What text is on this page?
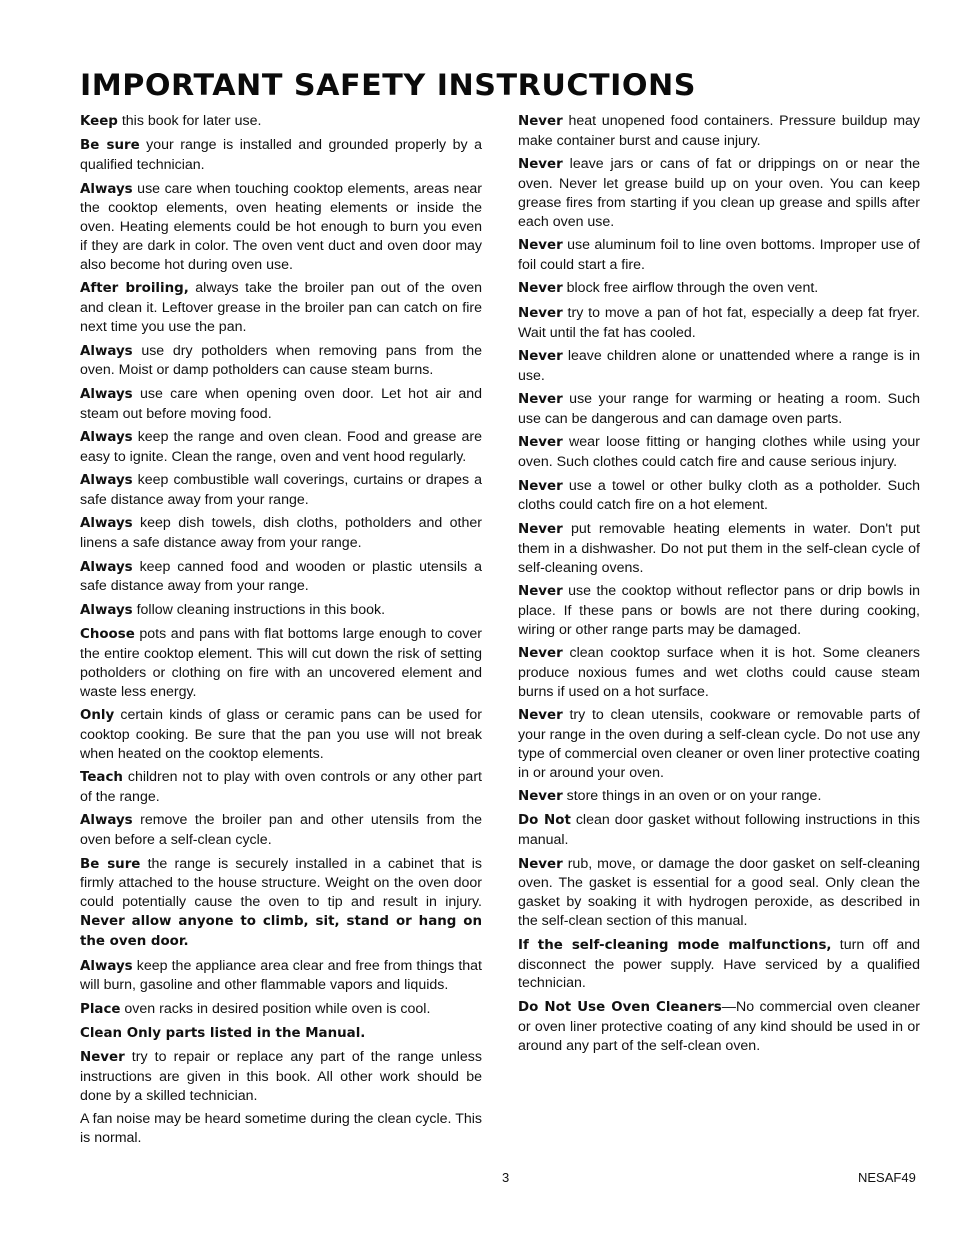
IMPORTANT SAFETY INSTRUCTIONS

Keep this book for later use.

Be sure your range is installed and grounded properly by a qualified technician.

Always use care when touching cooktop elements, areas near the cooktop elements, oven heating elements or inside the oven. Heating elements could be hot enough to burn you even if they are dark in color. The oven vent duct and oven door may also become hot during oven use.

After broiling, always take the broiler pan out of the oven and clean it. Leftover grease in the broiler pan can catch on fire next time you use the pan.

Always use dry potholders when removing pans from the oven. Moist or damp potholders can cause steam burns.

Always use care when opening oven door. Let hot air and steam out before moving food.

Always keep the range and oven clean. Food and grease are easy to ignite. Clean the range, oven and vent hood regularly.

Always keep combustible wall coverings, curtains or drapes a safe distance away from your range.

Always keep dish towels, dish cloths, potholders and other linens a safe distance away from your range.

Always keep canned food and wooden or plastic utensils a safe distance away from your range.

Always follow cleaning instructions in this book.

Choose pots and pans with flat bottoms large enough to cover the entire cooktop element. This will cut down the risk of setting potholders or clothing on fire with an uncovered element and waste less energy.

Only certain kinds of glass or ceramic pans can be used for cooktop cooking. Be sure that the pan you use will not break when heated on the cooktop elements.

Teach children not to play with oven controls or any other part of the range.

Always remove the broiler pan and other utensils from the oven before a self-clean cycle.

Be sure the range is securely installed in a cabinet that is firmly attached to the house structure. Weight on the oven door could potentially cause the oven to tip and result in injury. Never allow anyone to climb, sit, stand or hang on the oven door.

Always keep the appliance area clear and free from things that will burn, gasoline and other flammable vapors and liquids.

Place oven racks in desired position while oven is cool.

Clean Only parts listed in the Manual.

Never try to repair or replace any part of the range unless instructions are given in this book. All other work should be done by a skilled technician.

A fan noise may be heard sometime during the clean cycle. This is normal.

Never heat unopened food containers. Pressure buildup may make container burst and cause injury.

Never leave jars or cans of fat or drippings on or near the oven. Never let grease build up on your oven. You can keep grease fires from starting if you clean up grease and spills after each oven use.

Never use aluminum foil to line oven bottoms. Improper use of foil could start a fire.

Never block free airflow through the oven vent.

Never try to move a pan of hot fat, especially a deep fat fryer. Wait until the fat has cooled.

Never leave children alone or unattended where a range is in use.

Never use your range for warming or heating a room. Such use can be dangerous and can damage oven parts.

Never wear loose fitting or hanging clothes while using your oven. Such clothes could catch fire and cause serious injury.

Never use a towel or other bulky cloth as a potholder. Such cloths could catch fire on a hot element.

Never put removable heating elements in water. Don't put them in a dishwasher. Do not put them in the self-clean cycle of self-cleaning ovens.

Never use the cooktop without reflector pans or drip bowls in place. If these pans or bowls are not there during cooking, wiring or other range parts may be damaged.

Never clean cooktop surface when it is hot. Some cleaners produce noxious fumes and wet cloths could cause steam burns if used on a hot surface.

Never try to clean utensils, cookware or removable parts of your range in the oven during a self-clean cycle. Do not use any type of commercial oven cleaner or oven liner protective coating in or around your oven.

Never store things in an oven or on your range.

Do Not clean door gasket without following instructions in this manual.

Never rub, move, or damage the door gasket on self-cleaning oven. The gasket is essential for a good seal. Only clean the gasket by soaking it with hydrogen peroxide, as described in the self-clean section of this manual.

If the self-cleaning mode malfunctions, turn off and disconnect the power supply. Have serviced by a qualified technician.

Do Not Use Oven Cleaners—No commercial oven cleaner or oven liner protective coating of any kind should be used in or around any part of the self-clean oven.

3	NESAF49
